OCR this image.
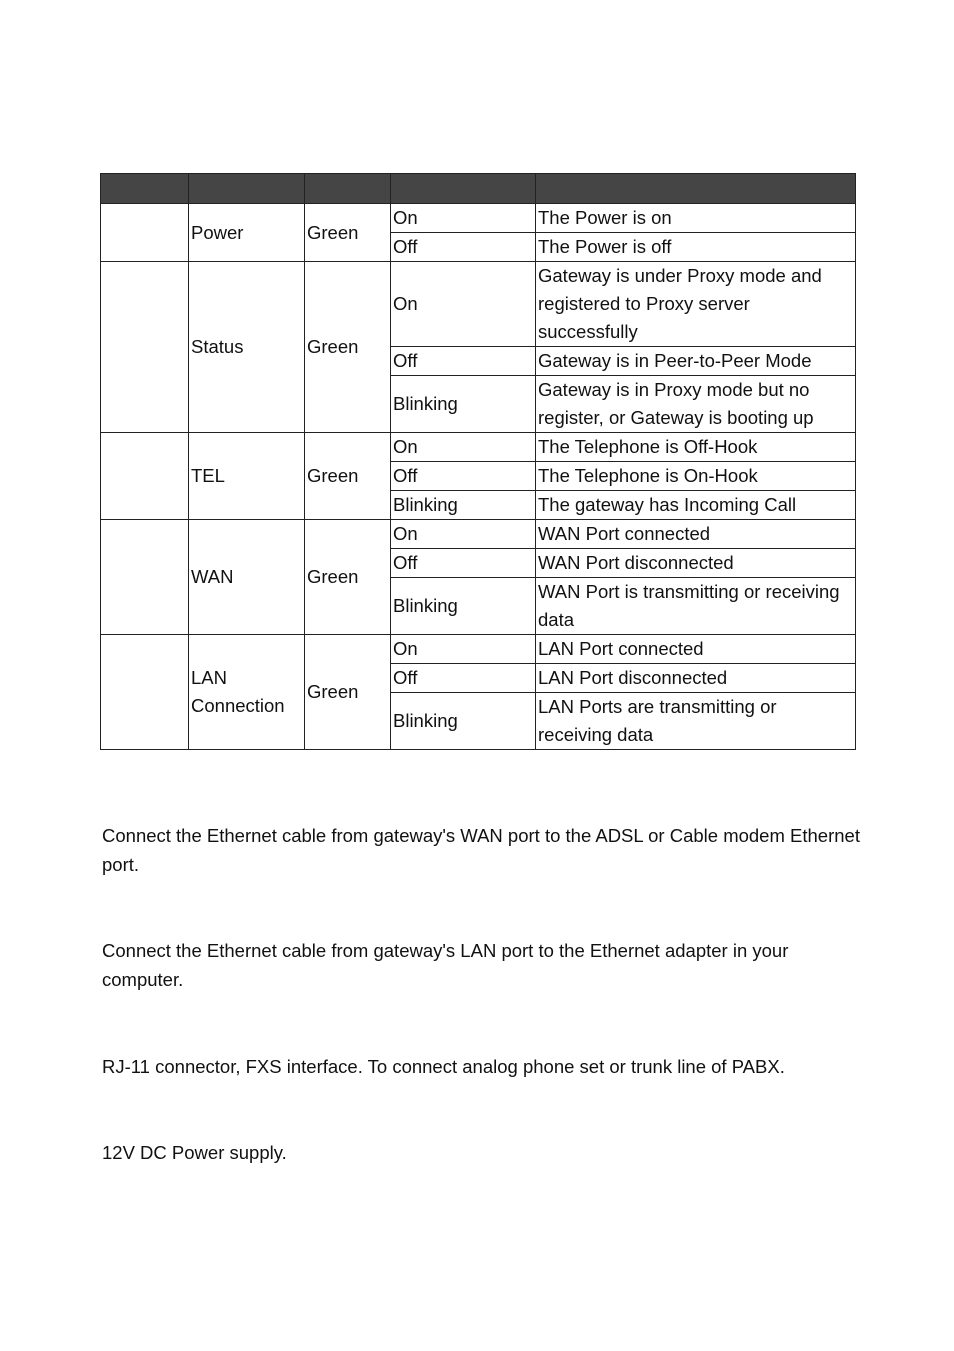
	Power	Green	On	The Power is on
			Off	The Power is off
	Status	Green	On	Gateway is under Proxy mode and registered to Proxy server successfully
			Off	Gateway is in Peer-to-Peer Mode
			Blinking	Gateway is in Proxy mode but no register, or Gateway is booting up
	TEL	Green	On	The Telephone is Off-Hook
			Off	The Telephone is On-Hook
			Blinking	The gateway has Incoming Call
	WAN	Green	On	WAN Port connected
			Off	WAN Port disconnected
			Blinking	WAN Port is transmitting or receiving data
	LAN Connection	Green	On	LAN Port connected
			Off	LAN Port disconnected
			Blinking	LAN Ports are transmitting or receiving data

Connect the Ethernet cable from gateway's WAN port to the ADSL or Cable modem Ethernet port.

Connect the Ethernet cable from gateway's LAN port to the Ethernet adapter in your computer.

RJ-11 connector, FXS interface. To connect analog phone set or trunk line of PABX.

12V DC Power supply.
